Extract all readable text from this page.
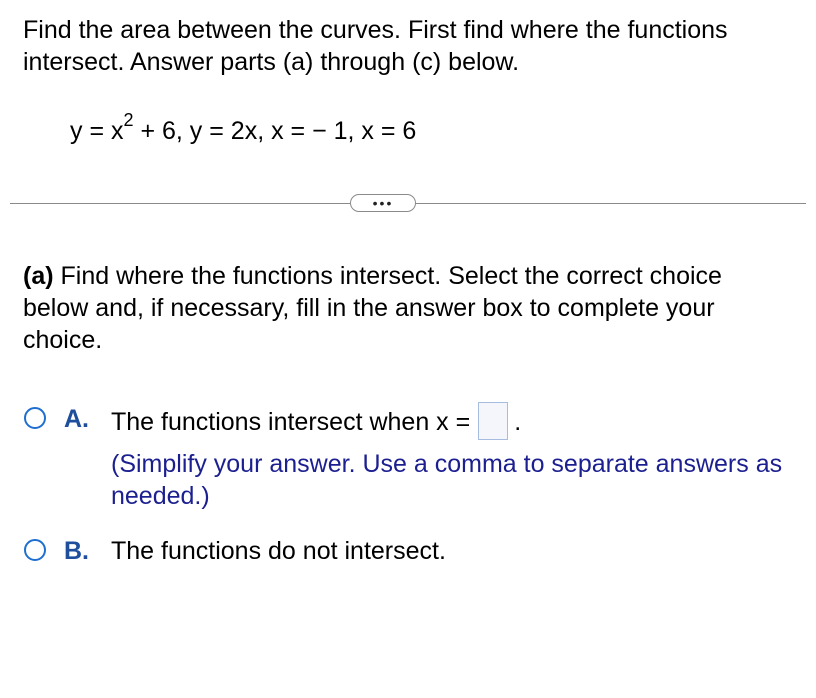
Find the area between the curves. First find where the functions intersect. Answer parts (a) through (c) below.
$y = x^2 + 6$, y = 2x, x = − 1, x = 6
•••
(a) Find where the functions intersect. Select the correct choice below and, if necessary, fill in the answer box to complete your choice.
A. The functions intersect when x = .
(Simplify your answer. Use a comma to separate answers as needed.)
B. The functions do not intersect.
